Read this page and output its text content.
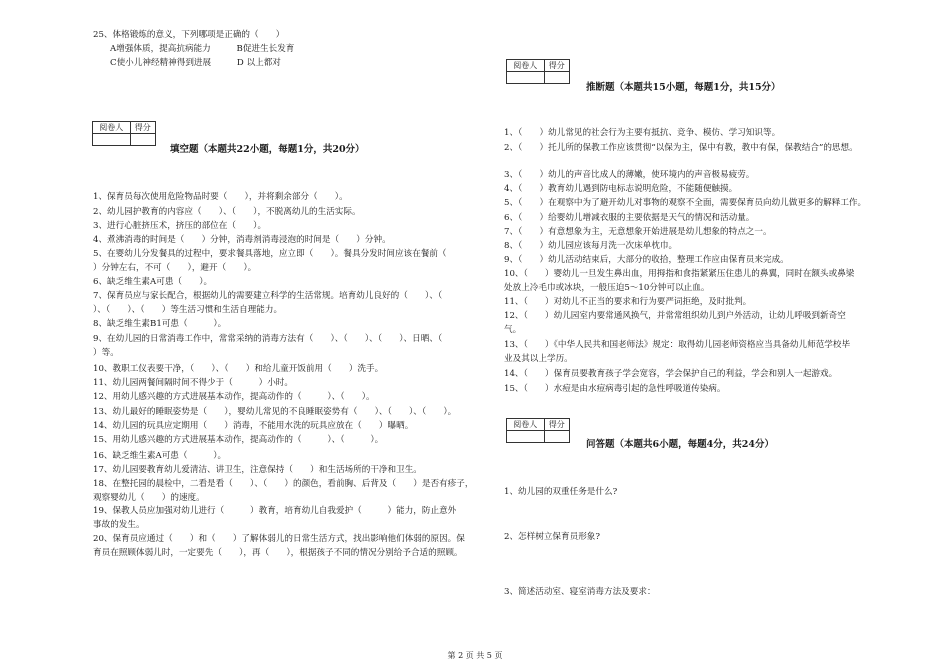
25、体格锻炼的意义，下列哪项是正确的（　　）
A增强体质，提高抗病能力　　　B促进生长发育
C使小儿神经精神得到进展　　　D 以上都对
阅卷人	得分

填空题（本题共22小题，每题1分，共20分）
1、保育员每次使用危险物品时要（　　），并将剩余部分（　　）。
2、幼儿园护教育的内容应（　　）、（　　），不脱离幼儿的生活实际。
3、进行心脏挤压术，挤压的部位在（　　）。
4、煮沸消毒的时间是（　　）分钟，消毒剂消毒浸泡的时间是（　　）分钟。
5、在婴幼儿分发餐具的过程中，要求餐具落地，应立即（　　）。餐具分发时间应该在餐前（
）分钟左右，不可（　　），避开（　　）。
6、缺乏维生素A可患（　　）。
7、保育员应与家长配合，根据幼儿的需要建立科学的生活常规。培育幼儿良好的（　　）、（
）、（　　）、（　　）等生活习惯和生活自理能力。
8、缺乏维生素B1可患（　　　）。
9、在幼儿园的日常消毒工作中，常常采纳的消毒方法有（　　）、（　　）、（　　）、日晒、（　　
）等。
10、教职工仪表要干净，（　　）、（　　）和给儿童开饭前用（　　）洗手。
11、幼儿园两餐间隔时间不得少于（　　　）小时。
12、用幼儿感兴趣的方式进展基本动作，提高动作的（　　　）、（　　）。
13、幼儿最好的睡眠姿势是（　　），婴幼儿常见的不良睡眠姿势有（　　）、（　　）、（　　）。
14、幼儿园的玩具应定期用（　　）消毒，不能用水洗的玩具应放在（　　）曝晒。
15、用幼儿感兴趣的方式进展基本动作，提高动作的（　　　）、（　　　）。
16、缺乏维生素A可患（　　　）。
17、幼儿园要教育幼儿爱清洁、讲卫生，注意保持（　　）和生活场所的干净和卫生。
18、在整托园的晨检中，二看是看（　　）、（　　）的颜色，看前胸、后背及（　　）是否有疹子，
观察婴幼儿（　　）的速度。
19、保教人员应加强对幼儿进行（　　　）教育，培育幼儿自我爱护（　　　）能力，防止意外
事故的发生。
20、保育员应通过（　　）和（　　）了解体弱儿的日常生活方式，找出影响他们体弱的原因。保
育员在照顾体弱儿时，一定要先（　　），再（　　），根据孩子不同的情况分别给予合适的照顾。
阅卷人	得分

推断题（本题共15小题，每题1分，共15分）
1、（　　）幼儿常见的社会行为主要有抵抗、竞争、模仿、学习知识等。
2、（　　）托儿所的保教工作应该贯彻“以保为主，保中有教，教中有保，保教结合”的思想。
3、（　　）幼儿的声音比成人的薄嫩，使环境内的声音极易疲劳。
4、（　　）教育幼儿遇到防电标志说明危险，不能随便触摸。
5、（　　）在观察中为了避开幼儿对事物的观察不全面，需要保育员向幼儿做更多的解释工作。
6、（　　）给婴幼儿增减衣服的主要依据是天气的情况和活动量。
7、（　　）有意想象为主，无意想象开始进展是幼儿想象的特点之一。
8、（　　）幼儿园应该每月洗一次床单枕巾。
9、（　　）幼儿活动结束后，大部分的收拾，整理工作应由保育员来完成。
10、（　　）婴幼儿一旦发生鼻出血，用拇指和食指紧紧压住患儿的鼻翼，同时在额头或鼻梁
处放上冷毛巾或冰块，一般压迫5～10分钟可以止血。
11、（　　）对幼儿不正当的要求和行为要严词拒绝，及时批判。
12、（　　）幼儿园室内要常通风换气，并常常组织幼儿到户外活动，让幼儿呼吸到新奇空
气。
13、（　　）《中华人民共和国老师法》规定：取得幼儿园老师资格应当具备幼儿师范学校毕
业及其以上学历。
14、（　　）保育员要教育孩子学会宽容，学会保护自己的利益，学会和别人一起游戏。
15、（　　）水痘是由水痘病毒引起的急性呼吸道传染病。
阅卷人	得分

问答题（本题共6小题，每题4分，共24分）
1、幼儿园的双重任务是什么?
2、怎样树立保育员形象?
3、简述活动室、寝室消毒方法及要求：
第 2 页 共 5 页
